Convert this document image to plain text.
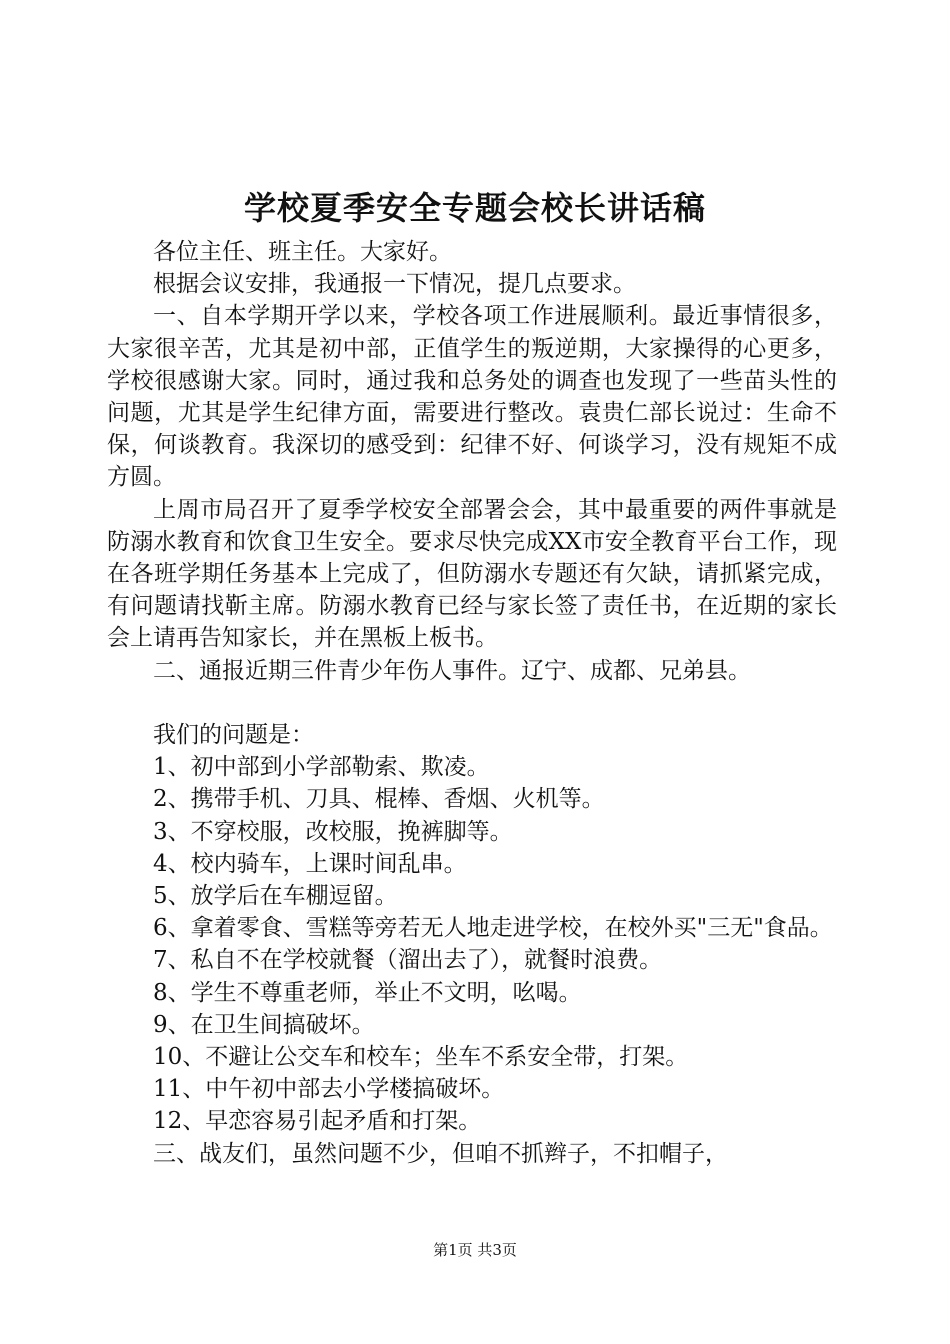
学校夏季安全专题会校长讲话稿

各位主任、班主任。大家好。

根据会议安排，我通报一下情况，提几点要求。

一、自本学期开学以来，学校各项工作进展顺利。最近事情很多，大家很辛苦，尤其是初中部，正值学生的叛逆期，大家操得的心更多，学校很感谢大家。同时，通过我和总务处的调查也发现了一些苗头性的问题，尤其是学生纪律方面，需要进行整改。袁贵仁部长说过：生命不保，何谈教育。我深切的感受到：纪律不好、何谈学习，没有规矩不成方圆。

上周市局召开了夏季学校安全部署会会，其中最重要的两件事就是防溺水教育和饮食卫生安全。要求尽快完成XX市安全教育平台工作，现在各班学期任务基本上完成了，但防溺水专题还有欠缺，请抓紧完成，有问题请找靳主席。防溺水教育已经与家长签了责任书，在近期的家长会上请再告知家长，并在黑板上板书。

二、通报近期三件青少年伤人事件。辽宁、成都、兄弟县。

我们的问题是：

1、初中部到小学部勒索、欺凌。

2、携带手机、刀具、棍棒、香烟、火机等。

3、不穿校服，改校服，挽裤脚等。

4、校内骑车，上课时间乱串。

5、放学后在车棚逗留。

6、拿着零食、雪糕等旁若无人地走进学校，在校外买"三无"食品。

7、私自不在学校就餐（溜出去了），就餐时浪费。

8、学生不尊重老师，举止不文明，吆喝。

9、在卫生间搞破坏。

10、不避让公交车和校车；坐车不系安全带，打架。

11、中午初中部去小学楼搞破坏。

12、早恋容易引起矛盾和打架。

三、战友们，虽然问题不少，但咱不抓辫子，不扣帽子，

第1页 共3页
